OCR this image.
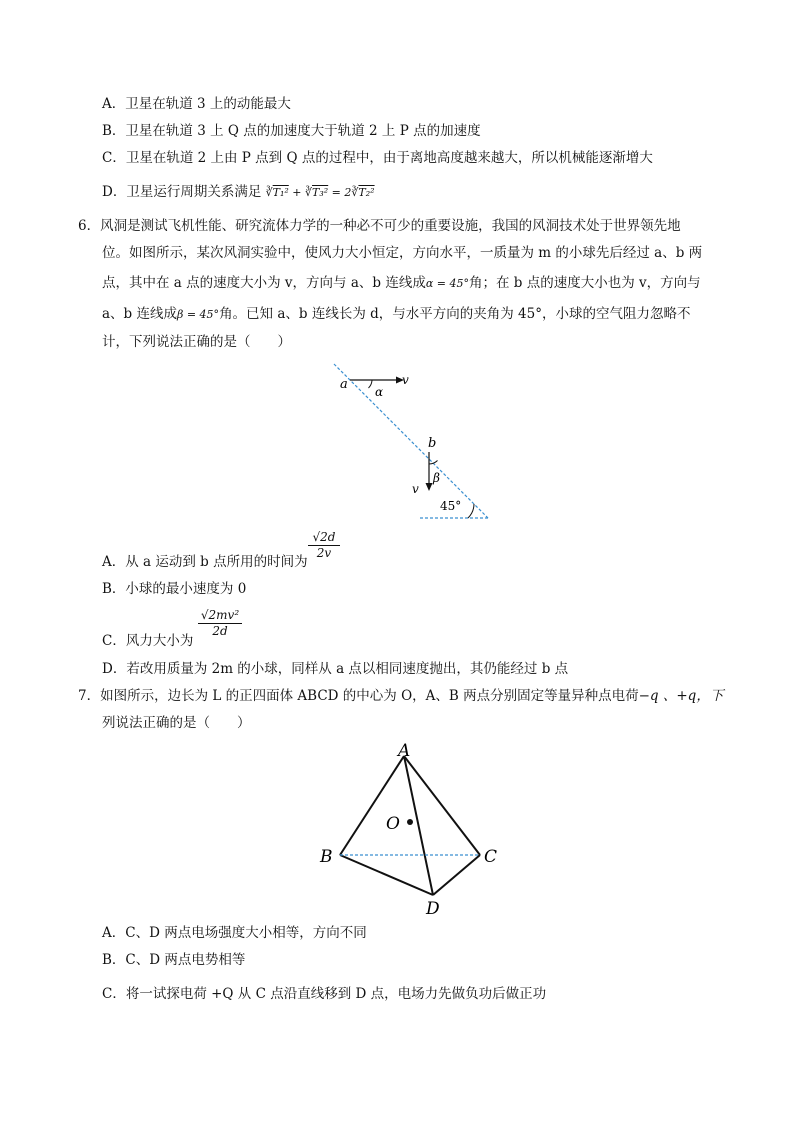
A．卫星在轨道 3 上的动能最大
B．卫星在轨道 3 上 Q 点的加速度大于轨道 2 上 P 点的加速度
C．卫星在轨道 2 上由 P 点到 Q 点的过程中，由于离地高度越来越大，所以机械能逐渐增大
D．卫星运行周期关系满足 ∛T₁² + ∛T₃² = 2∛T₂²
6．风洞是测试飞机性能、研究流体力学的一种必不可少的重要设施，我国的风洞技术处于世界领先地
位。如图所示，某次风洞实验中，使风力大小恒定，方向水平，一质量为 m 的小球先后经过 a、b 两
点，其中在 a 点的速度大小为 v，方向与 a、b 连线成α = 45°角；在 b 点的速度大小也为 v，方向与
a、b 连线成β = 45°角。已知 a、b 连线长为 d，与水平方向的夹角为 45°，小球的空气阻力忽略不
计，下列说法正确的是（　　）
a	v
α
b
β
v
45°
A．从 a 运动到 b 点所用的时间为
$\frac{√2d}{2v}$
B．小球的最小速度为 0
C．风力大小为
$\frac{\text{√2mv²}}{2d}$
D．若改用质量为 2m 的小球，同样从 a 点以相同速度抛出，其仍能经过 b 点
7．如图所示，边长为 L 的正四面体 ABCD 的中心为 O，A、B 两点分别固定等量异种点电荷−q 、+q，下
列说法正确的是（　　）
A
B	C
D
O
A．C、D 两点电场强度大小相等，方向不同
B．C、D 两点电势相等
C．将一试探电荷 +Q 从 C 点沿直线移到 D 点，电场力先做负功后做正功
